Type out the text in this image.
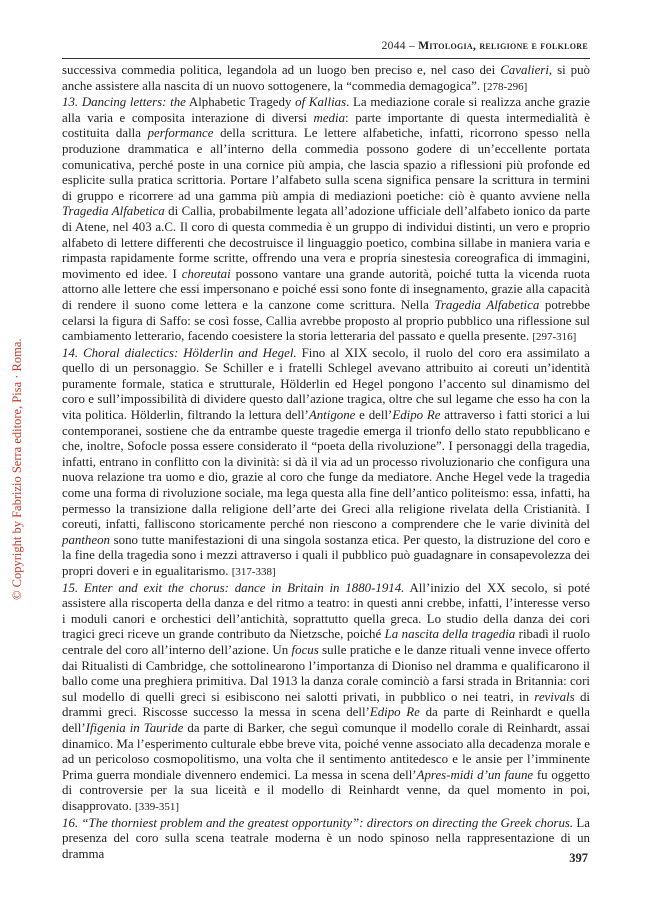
2044 – Mitologia, religione e folklore
© Copyright by Fabrizio Serra editore, Pisa · Roma.

successiva commedia politica, legandola ad un luogo ben preciso e, nel caso dei Cavalieri, si può anche assistere alla nascita di un nuovo sottogenere, la “commedia demagogica”. [278-296]

13. Dancing letters: the Alphabetic Tragedy of Kallias. La mediazione corale si realizza anche grazie alla varia e composita interazione di diversi media: parte importante di questa intermedialità è costituita dalla performance della scrittura. Le lettere alfabetiche, infatti, ricorrono spesso nella produzione drammatica e all’interno della commedia possono godere di un’eccellente portata comunicativa, perché poste in una cornice più ampia, che lascia spazio a riflessioni più profonde ed esplicite sulla pratica scrittoria. Portare l’alfabeto sulla scena significa pensare la scrittura in termini di gruppo e ricorrere ad una gamma più ampia di mediazioni poetiche: ciò è quanto avviene nella Tragedia Alfabetica di Callia, probabilmente legata all’adozione ufficiale dell’alfabeto ionico da parte di Atene, nel 403 a.C. Il coro di questa commedia è un gruppo di individui distinti, un vero e proprio alfabeto di lettere differenti che decostruisce il linguaggio poetico, combina sillabe in maniera varia e rimpasta rapidamente forme scritte, offrendo una vera e propria sinestesia coreografica di immagini, movimento ed idee. I choreutai possono vantare una grande autorità, poiché tutta la vicenda ruota attorno alle lettere che essi impersonano e poiché essi sono fonte di insegnamento, grazie alla capacità di rendere il suono come lettera e la canzone come scrittura. Nella Tragedia Alfabetica potrebbe celarsi la figura di Saffo: se così fosse, Callia avrebbe proposto al proprio pubblico una riflessione sul cambiamento letterario, facendo coesistere la storia letteraria del passato e quella presente. [297-316]

14. Choral dialectics: Hölderlin and Hegel. Fino al XIX secolo, il ruolo del coro era assimilato a quello di un personaggio. Se Schiller e i fratelli Schlegel avevano attribuito ai coreuti un’identità puramente formale, statica e strutturale, Hölderlin ed Hegel pongono l’accento sul dinamismo del coro e sull’impossibilità di dividere questo dall’azione tragica, oltre che sul legame che esso ha con la vita politica. Hölderlin, filtrando la lettura dell’Antigone e dell’Edipo Re attraverso i fatti storici a lui contemporanei, sostiene che da entrambe queste tragedie emerga il trionfo dello stato repubblicano e che, inoltre, Sofocle possa essere considerato il “poeta della rivoluzione”. I personaggi della tragedia, infatti, entrano in conflitto con la divinità: si dà il via ad un processo rivoluzionario che configura una nuova relazione tra uomo e dio, grazie al coro che funge da mediatore. Anche Hegel vede la tragedia come una forma di rivoluzione sociale, ma lega questa alla fine dell’antico politeismo: essa, infatti, ha permesso la transizione dalla religione dell’arte dei Greci alla religione rivelata della Cristianità. I coreuti, infatti, falliscono storicamente perché non riescono a comprendere che le varie divinità del pantheon sono tutte manifestazioni di una singola sostanza etica. Per questo, la distruzione del coro e la fine della tragedia sono i mezzi attraverso i quali il pubblico può guadagnare in consapevolezza dei propri doveri e in egualitarismo. [317-338]

15. Enter and exit the chorus: dance in Britain in 1880-1914. All’inizio del XX secolo, si poté assistere alla riscoperta della danza e del ritmo a teatro: in questi anni crebbe, infatti, l’interesse verso i moduli canori e orchestici dell’antichità, soprattutto quella greca. Lo studio della danza dei cori tragici greci riceve un grande contributo da Nietzsche, poiché La nascita della tragedia ribadì il ruolo centrale del coro all’interno dell’azione. Un focus sulle pratiche e le danze rituali venne invece offerto dai Ritualisti di Cambridge, che sottolinearono l’importanza di Dioniso nel dramma e qualificarono il ballo come una preghiera primitiva. Dal 1913 la danza corale cominciò a farsi strada in Britannia: cori sul modello di quelli greci si esibiscono nei salotti privati, in pubblico o nei teatri, in revivals di drammi greci. Riscosse successo la messa in scena dell’Edipo Re da parte di Reinhardt e quella dell’Ifigenia in Tauride da parte di Barker, che seguì comunque il modello corale di Reinhardt, assai dinamico. Ma l’esperimento culturale ebbe breve vita, poiché venne associato alla decadenza morale e ad un pericoloso cosmopolitismo, una volta che il sentimento antitedesco e le ansie per l’imminente Prima guerra mondiale divennero endemici. La messa in scena dell’Apres-midi d’un faune fu oggetto di controversie per la sua liceità e il modello di Reinhardt venne, da quel momento in poi, disapprovato. [339-351]

16. “The thorniest problem and the greatest opportunity”: directors on directing the Greek chorus. La presenza del coro sulla scena teatrale moderna è un nodo spinoso nella rappresentazione di un dramma	397
